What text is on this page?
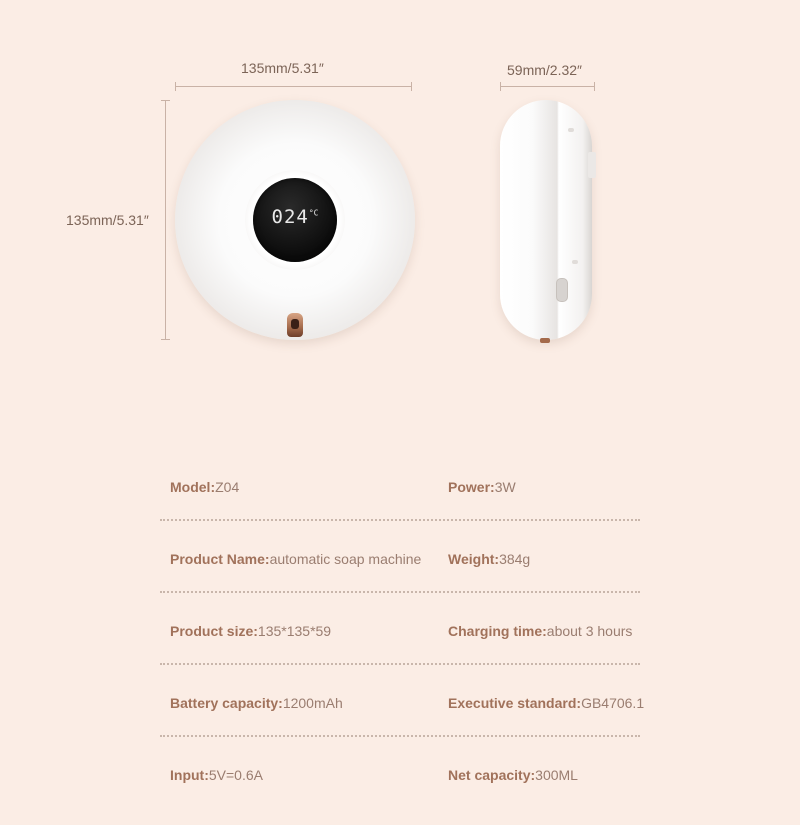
135mm/5.31″	59mm/2.32″
135mm/5.31″	$024^{^\circ C}$
Model:Z04	Power:3W
Product Name:automatic soap machine Weight:384g
Product size:135*135*59	Charging time:about 3 hours
Battery capacity:1200mAh	Executive standard:GB4706.1
Input:5V=0.6A	Net capacity:300ML
